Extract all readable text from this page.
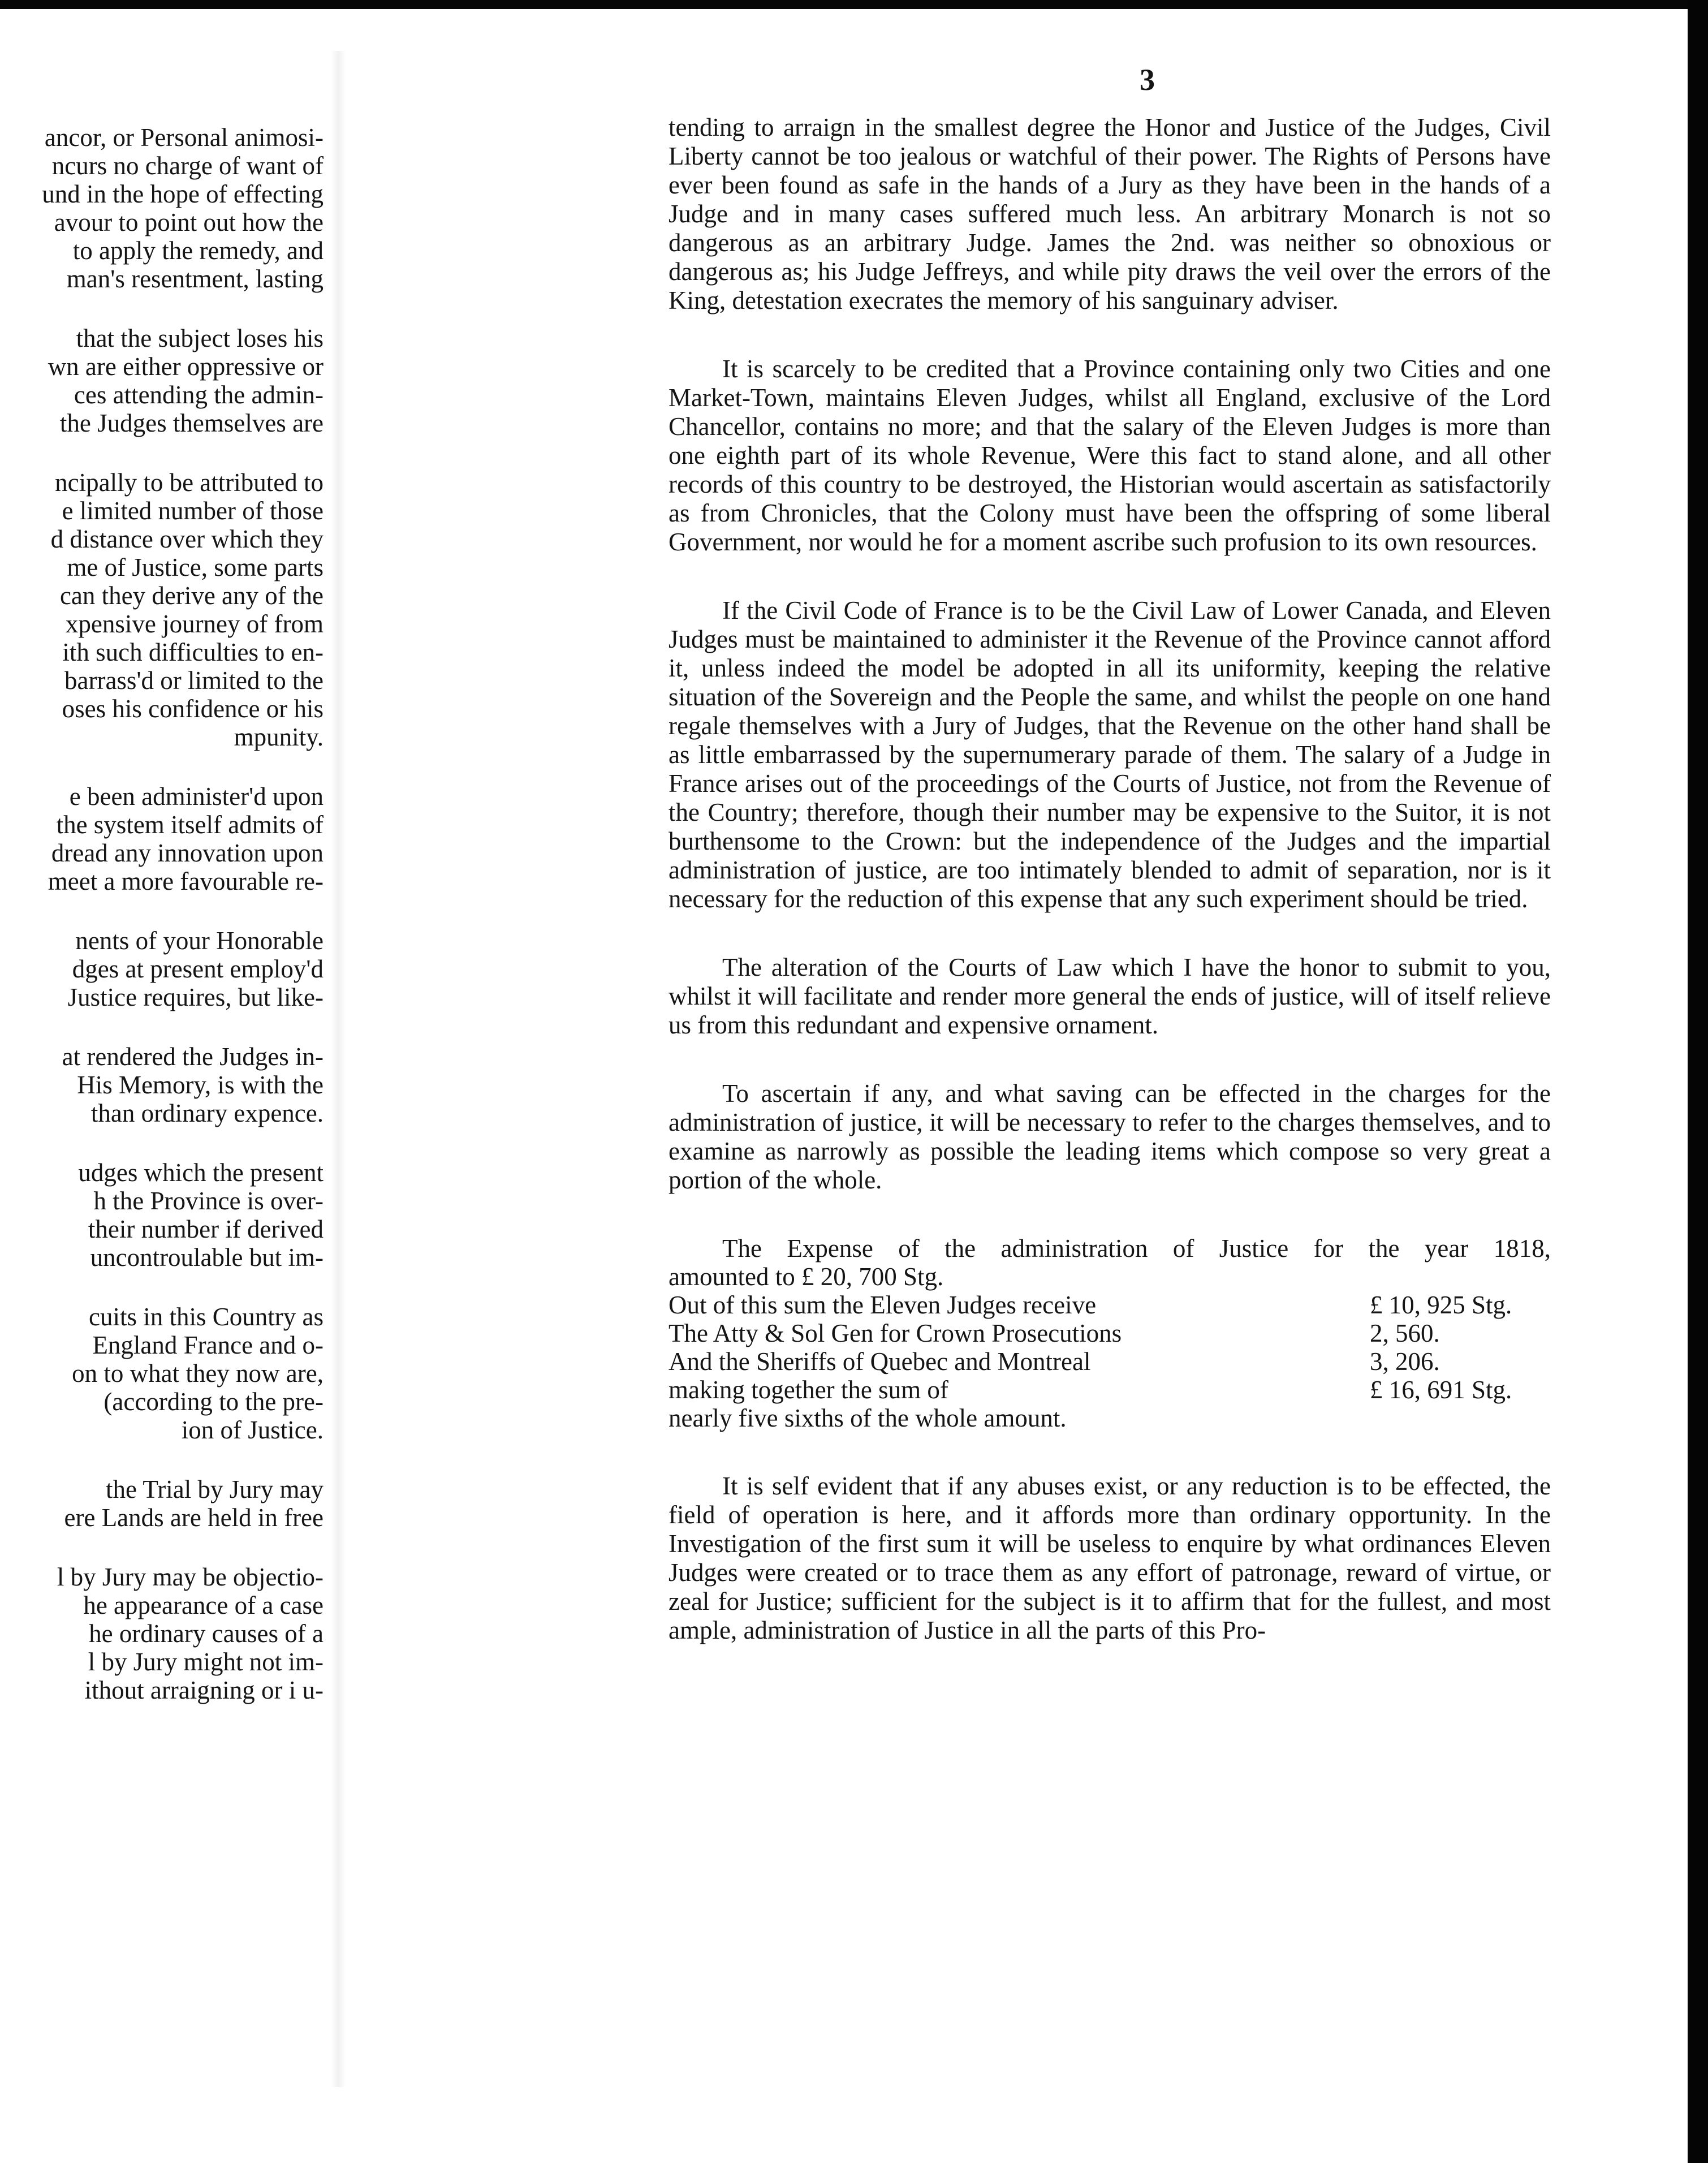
3
ancor, or Personal animosi-
ncurs no charge of want of
und in the hope of effecting
avour to point out how the
to apply the remedy, and
man's resentment, lasting
that the subject loses his
wn are either oppressive or
ces attending the admin-
the Judges themselves are
ncipally to be attributed to
e limited number of those
d distance over which they
me of Justice, some parts
can they derive any of the
xpensive journey of from
ith such difficulties to en-
barrass'd or limited to the
oses his confidence or his
mpunity.
e been administer'd upon
the system itself admits of
dread any innovation upon
meet a more favourable re-
nents of your Honorable
dges at present employ'd
Justice requires, but like-
at rendered the Judges in-
His Memory, is with the
than ordinary expence.
udges which the present
h the Province is over-
their number if derived
uncontroulable but im-
cuits in this Country as
England France and o-
on to what they now are,
(according to the pre-
ion of Justice.
the Trial by Jury may
ere Lands are held in free
l by Jury may be objectio-
he appearance of a case
he ordinary causes of a
l by Jury might not im-
ithout arraigning or i u-

tending to arraign in the smallest degree the Honor and Justice of the Judges, Civil Liberty cannot be too jealous or watchful of their power. The Rights of Persons have ever been found as safe in the hands of a Jury as they have been in the hands of a Judge and in many cases suffered much less. An arbitrary Monarch is not so dangerous as an arbitrary Judge. James the 2nd. was neither so obnoxious or dangerous as; his Judge Jeffreys, and while pity draws the veil over the errors of the King, detestation execrates the memory of his sanguinary adviser.

It is scarcely to be credited that a Province containing only two Cities and one Market-Town, maintains Eleven Judges, whilst all England, exclusive of the Lord Chancellor, contains no more; and that the salary of the Eleven Judges is more than one eighth part of its whole Revenue, Were this fact to stand alone, and all other records of this country to be destroyed, the Historian would ascertain as satisfactorily as from Chronicles, that the Colony must have been the offspring of some liberal Government, nor would he for a moment ascribe such profusion to its own resources.

If the Civil Code of France is to be the Civil Law of Lower Canada, and Eleven Judges must be maintained to administer it the Revenue of the Province cannot afford it, unless indeed the model be adopted in all its uniformity, keeping the relative situation of the Sovereign and the People the same, and whilst the people on one hand regale themselves with a Jury of Judges, that the Revenue on the other hand shall be as little embarrassed by the supernumerary parade of them. The salary of a Judge in France arises out of the proceedings of the Courts of Justice, not from the Revenue of the Country; therefore, though their number may be expensive to the Suitor, it is not burthensome to the Crown: but the independence of the Judges and the impartial administration of justice, are too intimately blended to admit of separation, nor is it necessary for the reduction of this expense that any such experiment should be tried.

The alteration of the Courts of Law which I have the honor to submit to you, whilst it will facilitate and render more general the ends of justice, will of itself relieve us from this redundant and expensive ornament.

To ascertain if any, and what saving can be effected in the charges for the administration of justice, it will be necessary to refer to the charges themselves, and to examine as narrowly as possible the leading items which compose so very great a portion of the whole.

The Expense of the administration of Justice for the year 1818,
amounted to £ 20, 700 Stg.
Out of this sum the Eleven Judges receive	£ 10, 925 Stg.
The Atty & Sol Gen for Crown Prosecutions	2, 560.
And the Sheriffs of Quebec and Montreal	3, 206.
making together the sum of	£ 16, 691 Stg.
nearly five sixths of the whole amount.

It is self evident that if any abuses exist, or any reduction is to be effected, the field of operation is here, and it affords more than ordinary opportunity. In the Investigation of the first sum it will be useless to enquire by what ordinances Eleven Judges were created or to trace them as any effort of patronage, reward of virtue, or zeal for Justice; sufficient for the subject is it to affirm that for the fullest, and most ample, administration of Justice in all the parts of this Pro-
